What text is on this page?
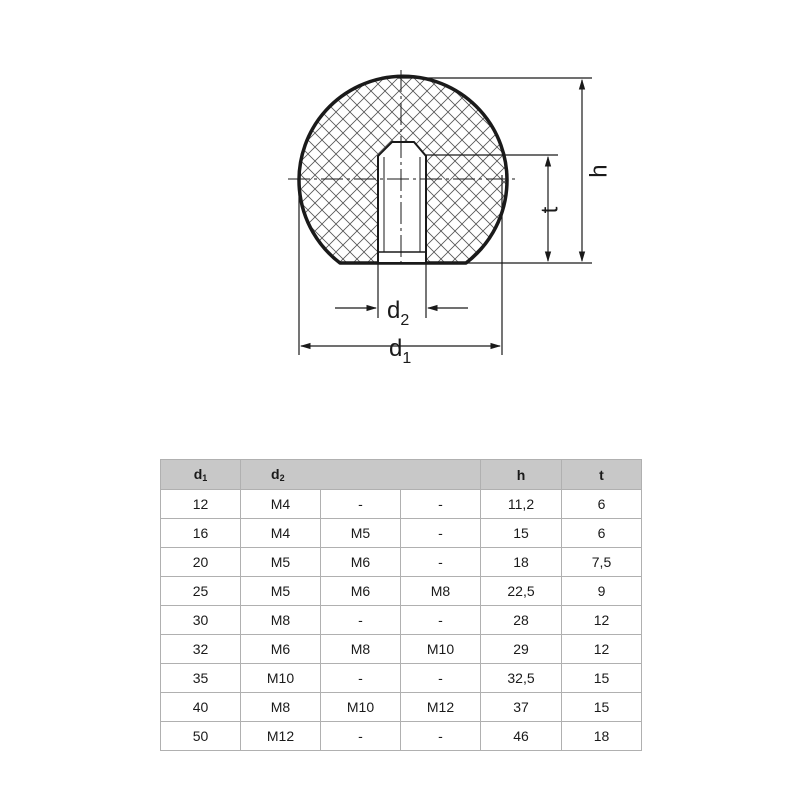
h
t
$d_2$
$d_1$
$d_1$	$d_2$			h	t
12	M4	-	-	11,2	6
16	M4	M5	-	15	6
20	M5	M6	-	18	7,5
25	M5	M6	M8	22,5	9
30	M8	-	-	28	12
32	M6	M8	M10	29	12
35	M10	-	-	32,5	15
40	M8	M10	M12	37	15
50	M12	-	-	46	18
